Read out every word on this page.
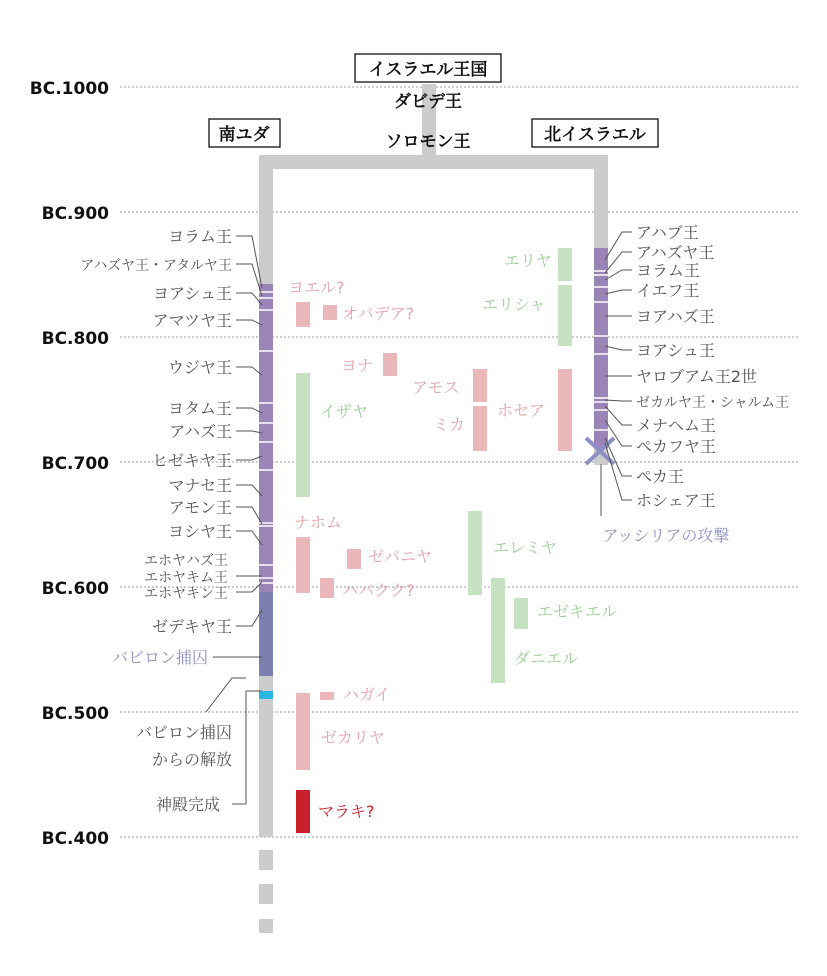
BC.1000
BC.900
BC.800
BC.700
BC.600
BC.500
BC.400
イスラエル王国
南ユダ	北イスラエル
ダビデ王
ソロモン王
ヨラム王
アハズヤ王・アタルヤ王
ヨアシュ王
アマツヤ王
ウジヤ王
ヨタム王
アハズ王
ヒゼキヤ王
マナセ王
アモン王
ヨシヤ王
エホヤハズ王
エホヤキム王
エホヤキン王
ゼデキヤ王
バビロン捕囚
バビロン捕囚
からの解放
神殿完成
アハブ王
アハズヤ王
ヨラム王
イエフ王
ヨアハズ王
ヨアシュ王
ヤロブアム王2世
ゼカルヤ王・シャルム王
メナヘム王
ペカフヤ王
ペカ王
ホシェア王
アッシリアの攻撃
ヨエル?
オバデア?
ヨナ
アモス
ミカ
ホセア
ナホム
ゼパニヤ
ハバクク?
ハガイ
ゼカリヤ
エリヤ
エリシャ
イザヤ
エレミヤ
エゼキエル
ダニエル
マラキ?
